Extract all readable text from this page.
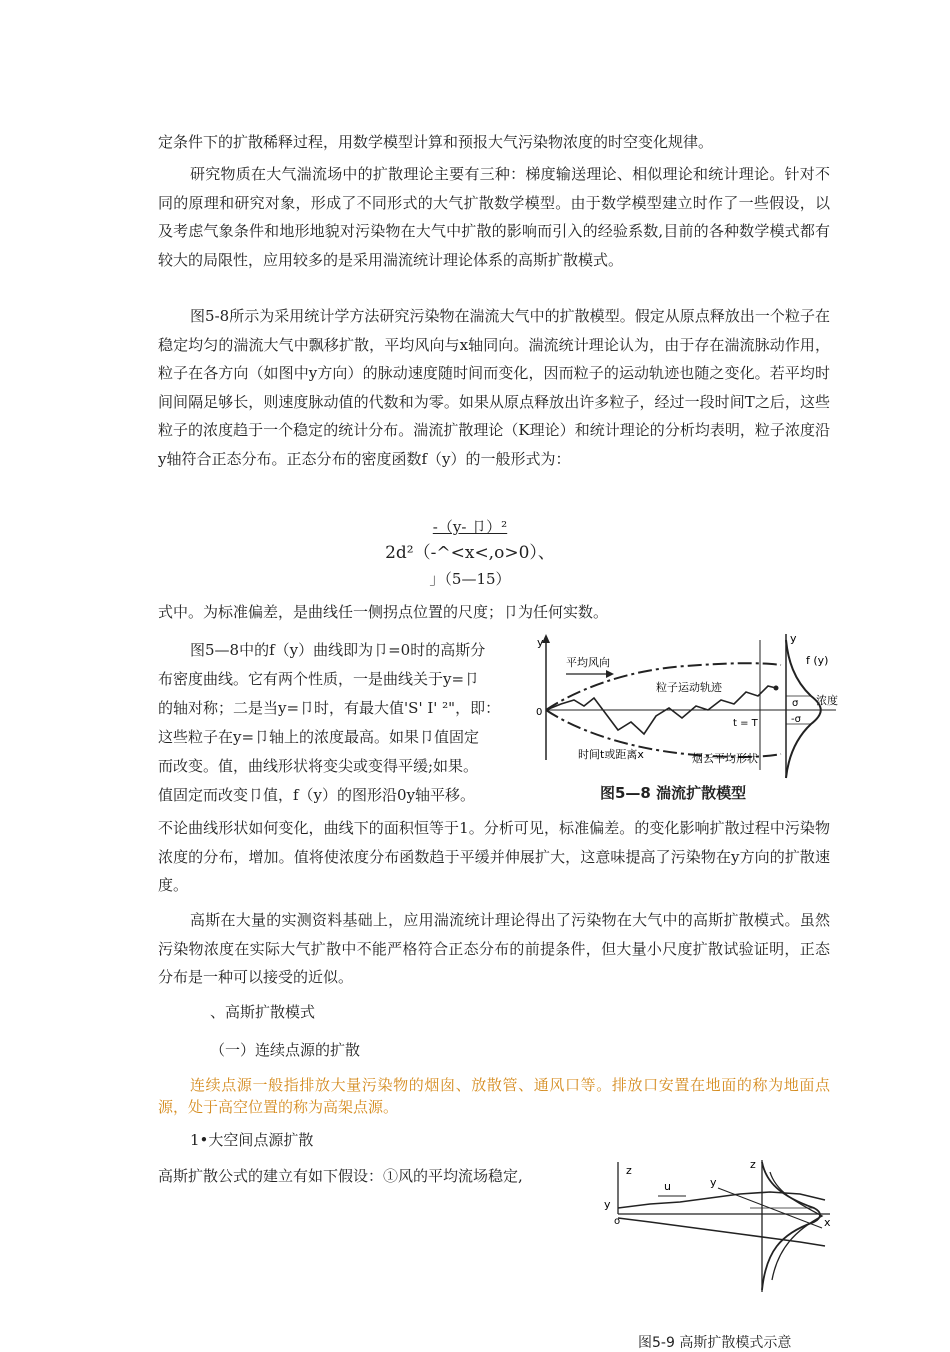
定条件下的扩散稀释过程，用数学模型计算和预报大气污染物浓度的时空变化规律。

研究物质在大气湍流场中的扩散理论主要有三种：梯度输送理论、相似理论和统计理论。针对不同的原理和研究对象，形成了不同形式的大气扩散数学模型。由于数学模型建立时作了一些假设，以及考虑气象条件和地形地貌对污染物在大气中扩散的影响而引入的经验系数,目前的各种数学模式都有较大的局限性，应用较多的是采用湍流统计理论体系的高斯扩散模式。

图5-8所示为采用统计学方法研究污染物在湍流大气中的扩散模型。假定从原点释放出一个粒子在稳定均匀的湍流大气中飘移扩散，平均风向与x轴同向。湍流统计理论认为，由于存在湍流脉动作用，粒子在各方向（如图中y方向）的脉动速度随时间而变化，因而粒子的运动轨迹也随之变化。若平均时间间隔足够长，则速度脉动值的代数和为零。如果从原点释放出许多粒子，经过一段时间T之后，这些粒子的浓度趋于一个稳定的统计分布。湍流扩散理论（K理论）和统计理论的分析均表明，粒子浓度沿y轴符合正态分布。正态分布的密度函数f（y）的一般形式为：

-（y- 卩）²
2d²（-^<x<,o>0）、
」（5—15）

式中。为标准偏差，是曲线任一侧拐点位置的尺度；卩为任何实数。

图5—8中的f（y）曲线即为卩=0时的高斯分

布密度曲线。它有两个性质，一是曲线关于y=卩

的轴对称；二是当y=卩时，有最大值'S' I' ²"，即：

这些粒子在y=卩轴上的浓度最高。如果卩值固定

而改变。值，曲线形状将变尖或变得平缓;如果。

值固定而改变卩值，f（y）的图形沿0y轴平移。

y
0
平均风向
粒子运动轨迹
时间t或距离x	烟云平均形状
t = T
y
浓度
f (y)
σ
-σ
图5—8 湍流扩散模型

不论曲线形状如何变化，曲线下的面积恒等于1。分析可见，标准偏差。的变化影响扩散过程中污染物浓度的分布，增加。值将使浓度分布函数趋于平缓并伸展扩大，这意味提高了污染物在y方向的扩散速度。

高斯在大量的实测资料基础上，应用湍流统计理论得出了污染物在大气中的高斯扩散模式。虽然污染物浓度在实际大气扩散中不能严格符合正态分布的前提条件，但大量小尺度扩散试验证明，正态分布是一种可以接受的近似。

、高斯扩散模式

（一）连续点源的扩散

连续点源一般指排放大量污染物的烟囱、放散管、通风口等。排放口安置在地面的称为地面点源，处于高空位置的称为高架点源。

1•大空间点源扩散

高斯扩散公式的建立有如下假设：①风的平均流场稳定,	z
y
o	x
u	y
z
图5-9 高斯扩散模式示意
